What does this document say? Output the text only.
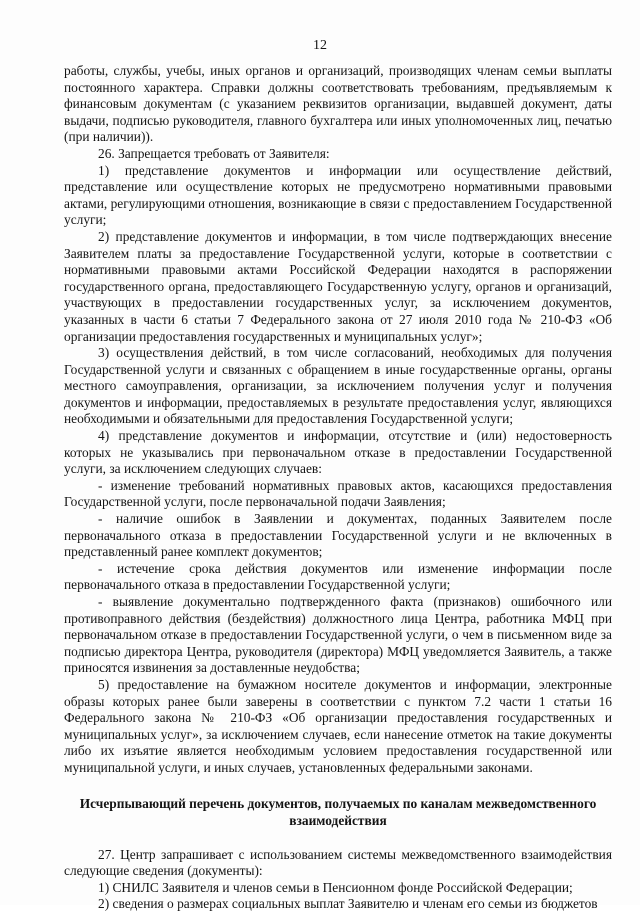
12

работы, службы, учебы, иных органов и организаций, производящих членам семьи выплаты постоянного характера. Справки должны соответствовать требованиям, предъявляемым к финансовым документам (с указанием реквизитов организации, выдавшей документ, даты выдачи, подписью руководителя, главного бухгалтера или иных уполномоченных лиц, печатью (при наличии)).

26. Запрещается требовать от Заявителя:

1) представление документов и информации или осуществление действий, представление или осуществление которых не предусмотрено нормативными правовыми актами, регулирующими отношения, возникающие в связи с предоставлением Государственной услуги;

2) представление документов и информации, в том числе подтверждающих внесение Заявителем платы за предоставление Государственной услуги, которые в соответствии с нормативными правовыми актами Российской Федерации находятся в распоряжении государственного органа, предоставляющего Государственную услугу, органов и организаций, участвующих в предоставлении государственных услуг, за исключением документов, указанных в части 6 статьи 7 Федерального закона от 27 июля 2010 года № 210-ФЗ «Об организации предоставления государственных и муниципальных услуг»;

3) осуществления действий, в том числе согласований, необходимых для получения Государственной услуги и связанных с обращением в иные государственные органы, органы местного самоуправления, организации, за исключением получения услуг и получения документов и информации, предоставляемых в результате предоставления услуг, являющихся необходимыми и обязательными для предоставления Государственной услуги;

4) представление документов и информации, отсутствие и (или) недостоверность которых не указывались при первоначальном отказе в предоставлении Государственной услуги, за исключением следующих случаев:

- изменение требований нормативных правовых актов, касающихся предоставления Государственной услуги, после первоначальной подачи Заявления;

- наличие ошибок в Заявлении и документах, поданных Заявителем после первоначального отказа в предоставлении Государственной услуги и не включенных в представленный ранее комплект документов;

- истечение срока действия документов или изменение информации после первоначального отказа в предоставлении Государственной услуги;

- выявление документально подтвержденного факта (признаков) ошибочного или противоправного действия (бездействия) должностного лица Центра, работника МФЦ при первоначальном отказе в предоставлении Государственной услуги, о чем в письменном виде за подписью директора Центра, руководителя (директора) МФЦ уведомляется Заявитель, а также приносятся извинения за доставленные неудобства;

5) предоставление на бумажном носителе документов и информации, электронные образы которых ранее были заверены в соответствии с пунктом 7.2 части 1 статьи 16 Федерального закона № 210-ФЗ «Об организации предоставления государственных и муниципальных услуг», за исключением случаев, если нанесение отметок на такие документы либо их изъятие является необходимым условием предоставления государственной или муниципальной услуги, и иных случаев, установленных федеральными законами.

Исчерпывающий перечень документов, получаемых по каналам межведомственного взаимодействия

27. Центр запрашивает с использованием системы межведомственного взаимодействия следующие сведения (документы):

1) СНИЛС Заявителя и членов семьи в Пенсионном фонде Российской Федерации;

2) сведения о размерах социальных выплат Заявителю и членам его семьи из бюджетов
